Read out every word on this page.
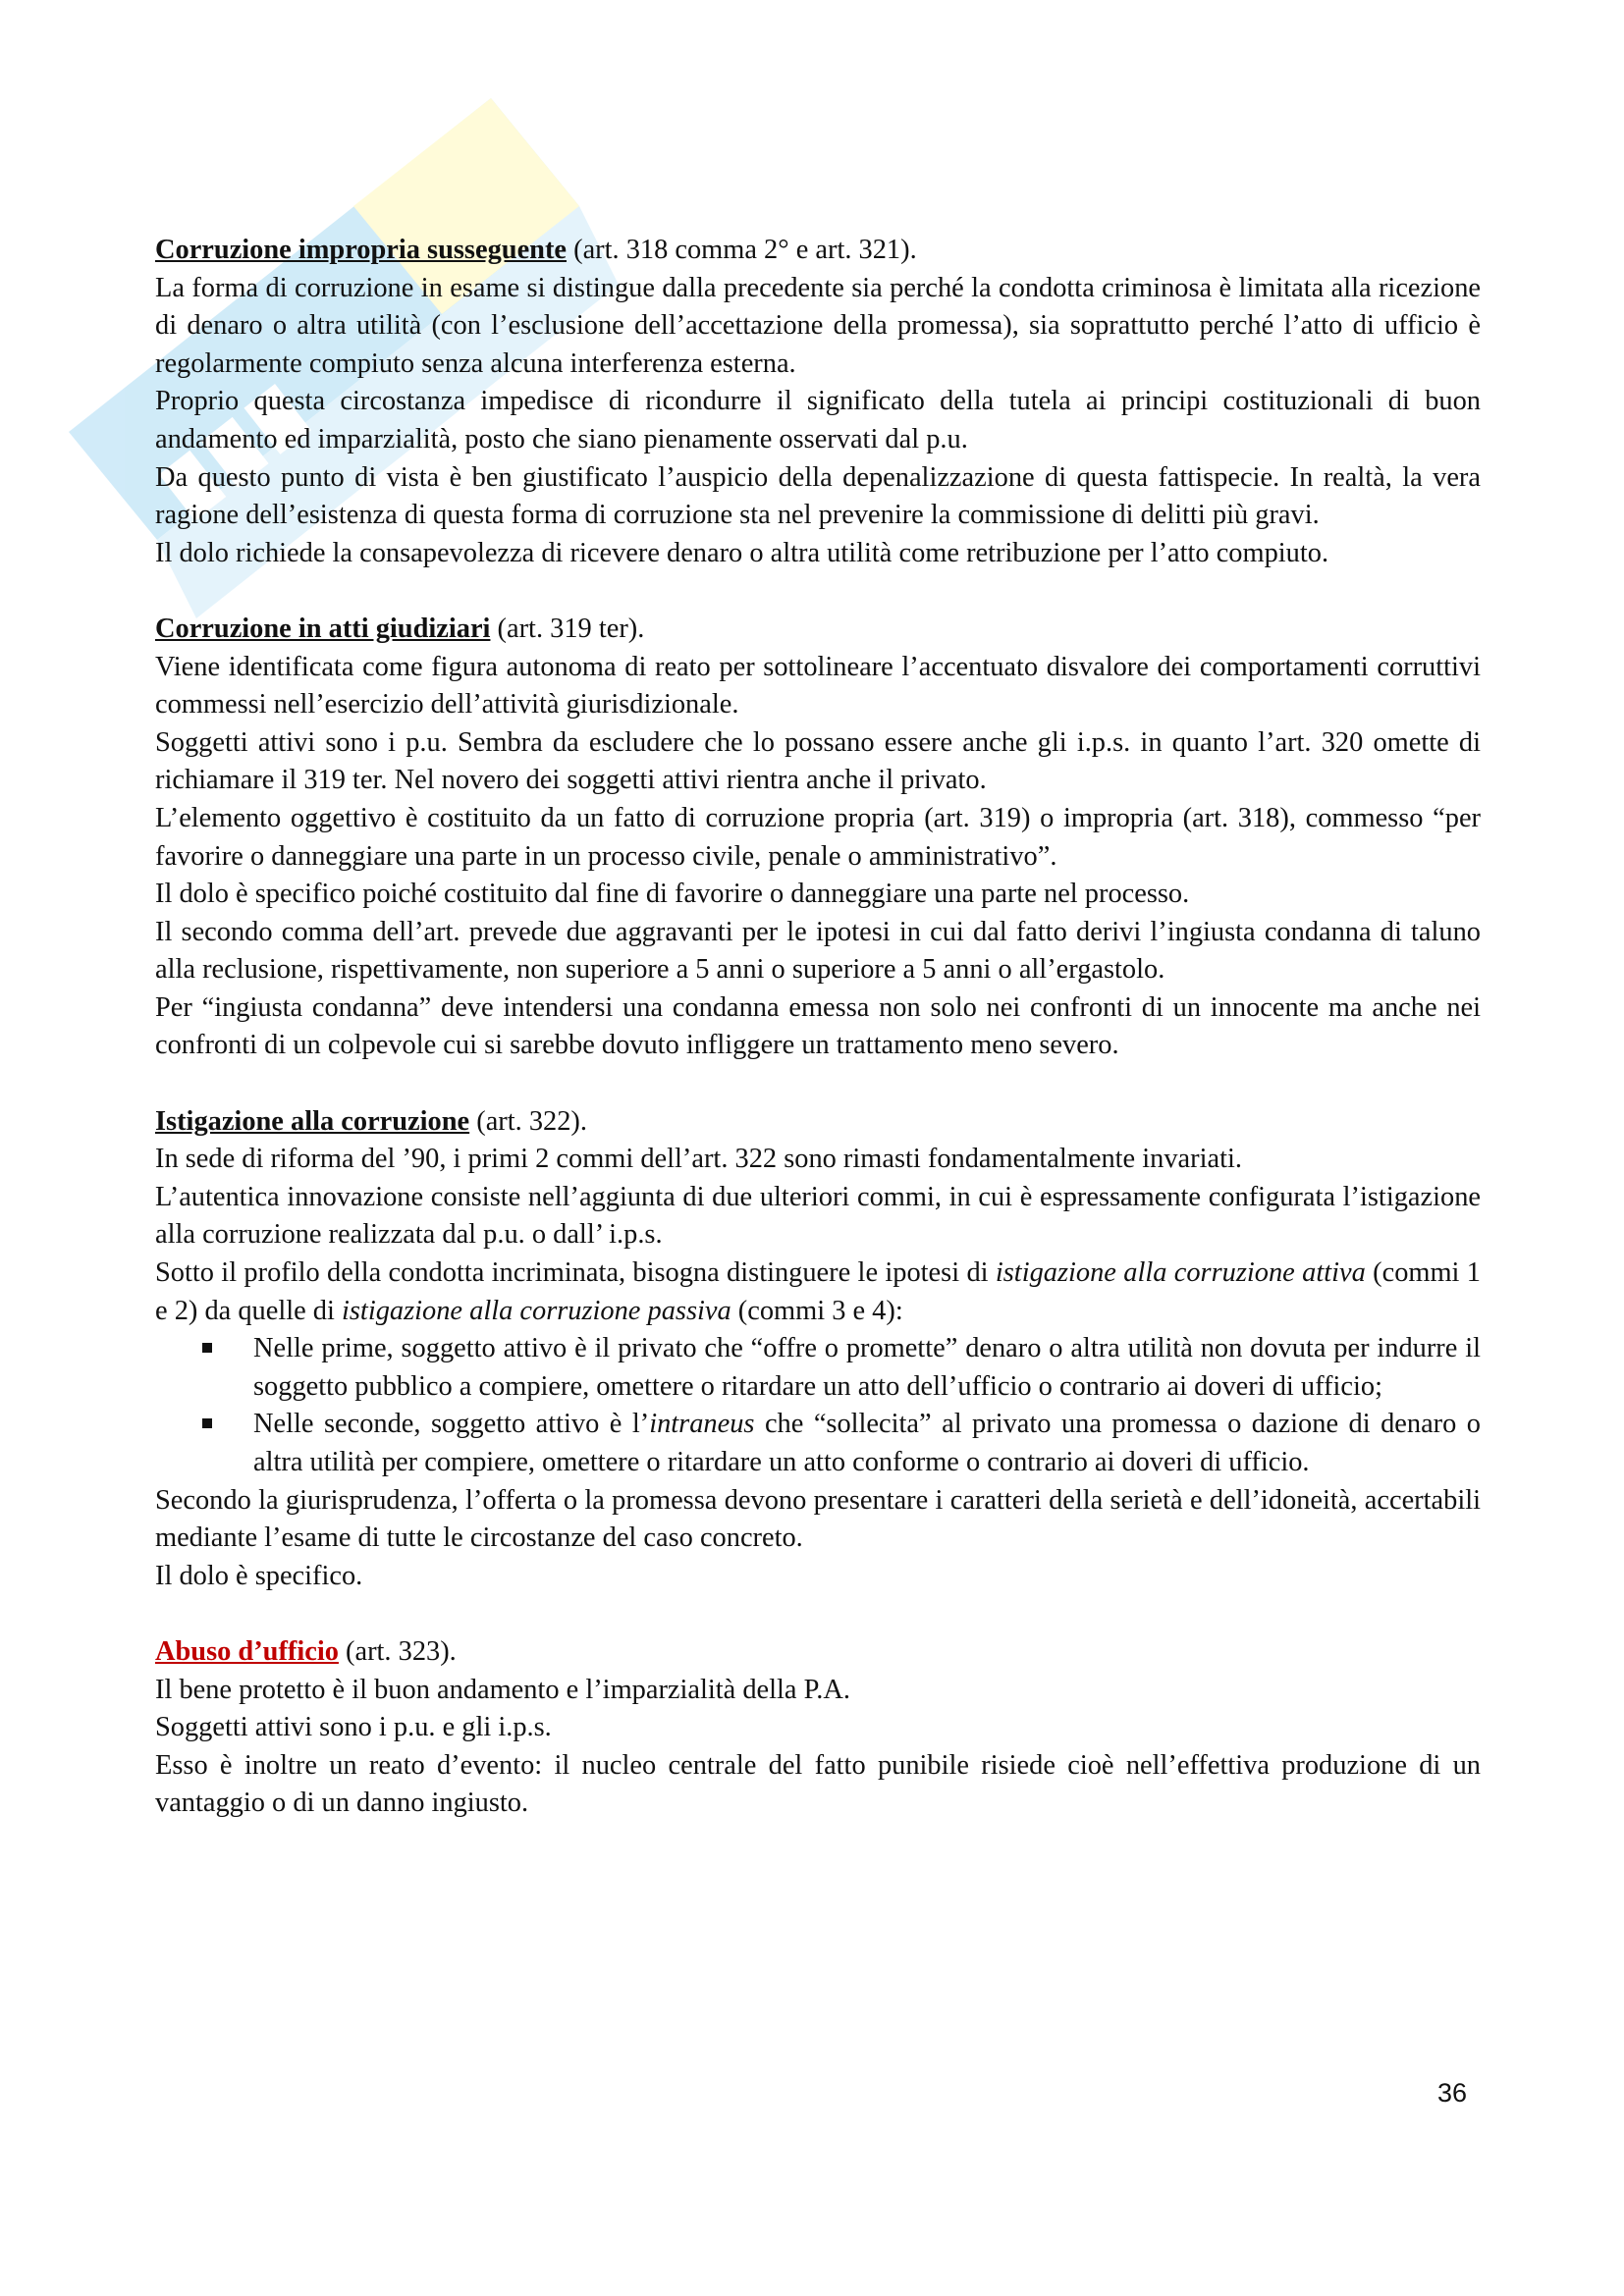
Corruzione impropria susseguente (art. 318 comma 2° e art. 321).

La forma di corruzione in esame si distingue dalla precedente sia perché la condotta criminosa è limitata alla ricezione di denaro o altra utilità (con l’esclusione dell’accettazione della promessa), sia soprattutto perché l’atto di ufficio è regolarmente compiuto senza alcuna interferenza esterna.

Proprio questa circostanza impedisce di ricondurre il significato della tutela ai principi costituzionali di buon andamento ed imparzialità, posto che siano pienamente osservati dal p.u.

Da questo punto di vista è ben giustificato l’auspicio della depenalizzazione di questa fattispecie. In realtà, la vera ragione dell’esistenza di questa forma di corruzione sta nel prevenire la commissione di delitti più gravi.

Il dolo richiede la consapevolezza di ricevere denaro o altra utilità come retribuzione per l’atto compiuto.

Corruzione in atti giudiziari (art. 319 ter).

Viene identificata come figura autonoma di reato per sottolineare l’accentuato disvalore dei comportamenti corruttivi commessi nell’esercizio dell’attività giurisdizionale.

Soggetti attivi sono i p.u. Sembra da escludere che lo possano essere anche gli i.p.s. in quanto l’art. 320 omette di richiamare il 319 ter. Nel novero dei soggetti attivi rientra anche il privato.

L’elemento oggettivo è costituito da un fatto di corruzione propria (art. 319) o impropria (art. 318), commesso “per favorire o danneggiare una parte in un processo civile, penale o amministrativo”.

Il dolo è specifico poiché costituito dal fine di favorire o danneggiare una parte nel processo.

Il secondo comma dell’art. prevede due aggravanti per le ipotesi in cui dal fatto derivi l’ingiusta condanna di taluno alla reclusione, rispettivamente, non superiore a 5 anni o superiore a 5 anni o all’ergastolo.

Per “ingiusta condanna” deve intendersi una condanna emessa non solo nei confronti di un innocente ma anche nei confronti di un colpevole cui si sarebbe dovuto infliggere un trattamento meno severo.

Istigazione alla corruzione (art. 322).

In sede di riforma del ’90, i primi 2 commi dell’art. 322 sono rimasti fondamentalmente invariati.

L’autentica innovazione consiste nell’aggiunta di due ulteriori commi, in cui è espressamente configurata l’istigazione alla corruzione realizzata dal p.u. o dall’ i.p.s.

Sotto il profilo della condotta incriminata, bisogna distinguere le ipotesi di istigazione alla corruzione attiva (commi 1 e 2) da quelle di istigazione alla corruzione passiva (commi 3 e 4):

Nelle prime, soggetto attivo è il privato che “offre o promette” denaro o altra utilità non dovuta per indurre il soggetto pubblico a compiere, omettere o ritardare un atto dell’ufficio o contrario ai doveri di ufficio;
Nelle seconde, soggetto attivo è l’intraneus che “sollecita” al privato una promessa o dazione di denaro o altra utilità per compiere, omettere o ritardare un atto conforme o contrario ai doveri di ufficio.

Secondo la giurisprudenza, l’offerta o la promessa devono presentare i caratteri della serietà e dell’idoneità, accertabili mediante l’esame di tutte le circostanze del caso concreto.

Il dolo è specifico.

Abuso d’ufficio (art. 323).

Il bene protetto è il buon andamento e l’imparzialità della P.A.

Soggetti attivi sono i p.u. e gli i.p.s.

Esso è inoltre un reato d’evento: il nucleo centrale del fatto punibile risiede cioè nell’effettiva produzione di un vantaggio o di un danno ingiusto.

36
